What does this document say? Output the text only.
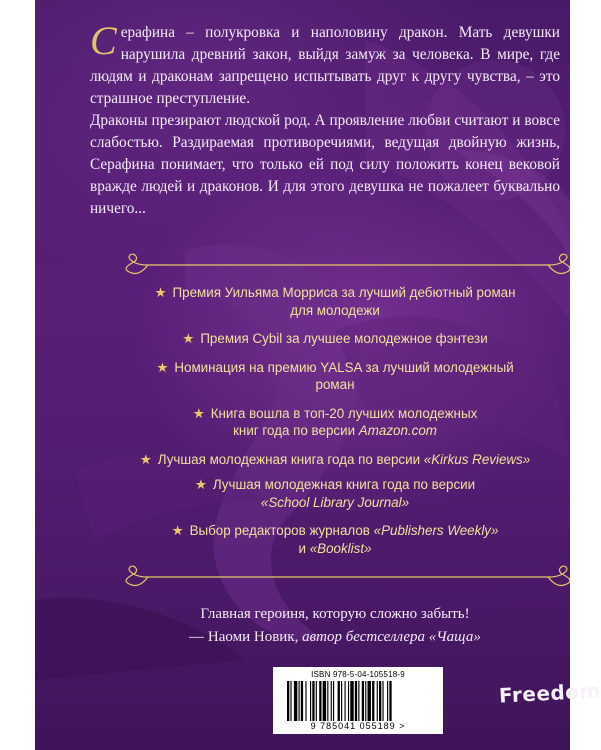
Серафина – полукровка и наполовину дракон. Мать девушки нарушила древний закон, выйдя замуж за человека. В мире, где людям и драконам запрещено испытывать друг к другу чувства, – это страшное преступление.

Драконы презирают людской род. А проявление любви считают и вовсе слабостью. Раздираемая противоречиями, ведущая двойную жизнь, Серафина понимает, что только ей под силу положить конец вековой вражде людей и драконов. И для этого девушка не пожалеет буквально ничего...

★ Премия Уильяма Морриса за лучший дебютный роман
для молодежи

★ Премия Cybil за лучшее молодежное фэнтези

★ Номинация на премию YALSA за лучший молодежный
роман

★ Книга вошла в топ-20 лучших молодежных
книг года по версии Amazon.com

★ Лучшая молодежная книга года по версии «Kirkus Reviews»

★ Лучшая молодежная книга года по версии
«School Library Journal»

★ Выбор редакторов журналов «Publishers Weekly»
и «Booklist»

Главная героиня, которую сложно забыть!
— Наоми Новик, автор бестселлера «Чаща»
ISBN 978-5-04-105518-9
9 785041 055189 >
Freedom
